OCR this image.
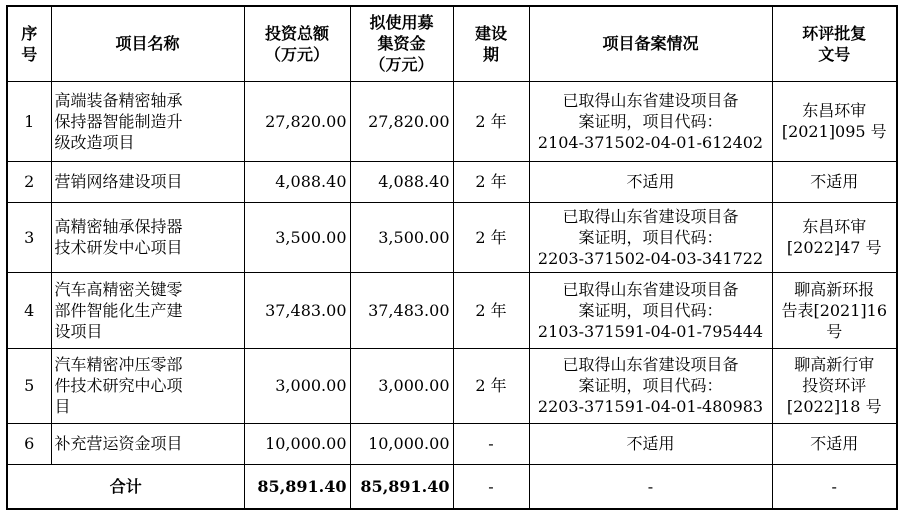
序
号	项目名称	投资总额
（万元）	拟使用募
集资金
（万元）	建设
期	项目备案情况	环评批复
文号

1	高端装备精密轴承
保持器智能制造升
级改造项目	27,820.00	27,820.00	2 年	已取得山东省建设项目备
案证明，项目代码：
2104-371502-04-01-612402	东昌环审
[2021]095 号

2	营销网络建设项目	4,088.40	4,088.40	2 年	不适用	不适用

3	高精密轴承保持器
技术研发中心项目	3,500.00	3,500.00	2 年	已取得山东省建设项目备
案证明，项目代码：
2203-371502-04-03-341722	东昌环审
[2022]47 号

4	汽车高精密关键零
部件智能化生产建
设项目	37,483.00	37,483.00	2 年	已取得山东省建设项目备
案证明，项目代码：
2103-371591-04-01-795444	聊高新环报
告表[2021]16
号

5	汽车精密冲压零部
件技术研究中心项
目	3,000.00	3,000.00	2 年	已取得山东省建设项目备
案证明，项目代码：
2203-371591-04-01-480983	聊高新行审
投资环评
[2022]18 号

6	补充营运资金项目	10,000.00	10,000.00	-	不适用	不适用

合计		85,891.40	85,891.40	-	-	-
